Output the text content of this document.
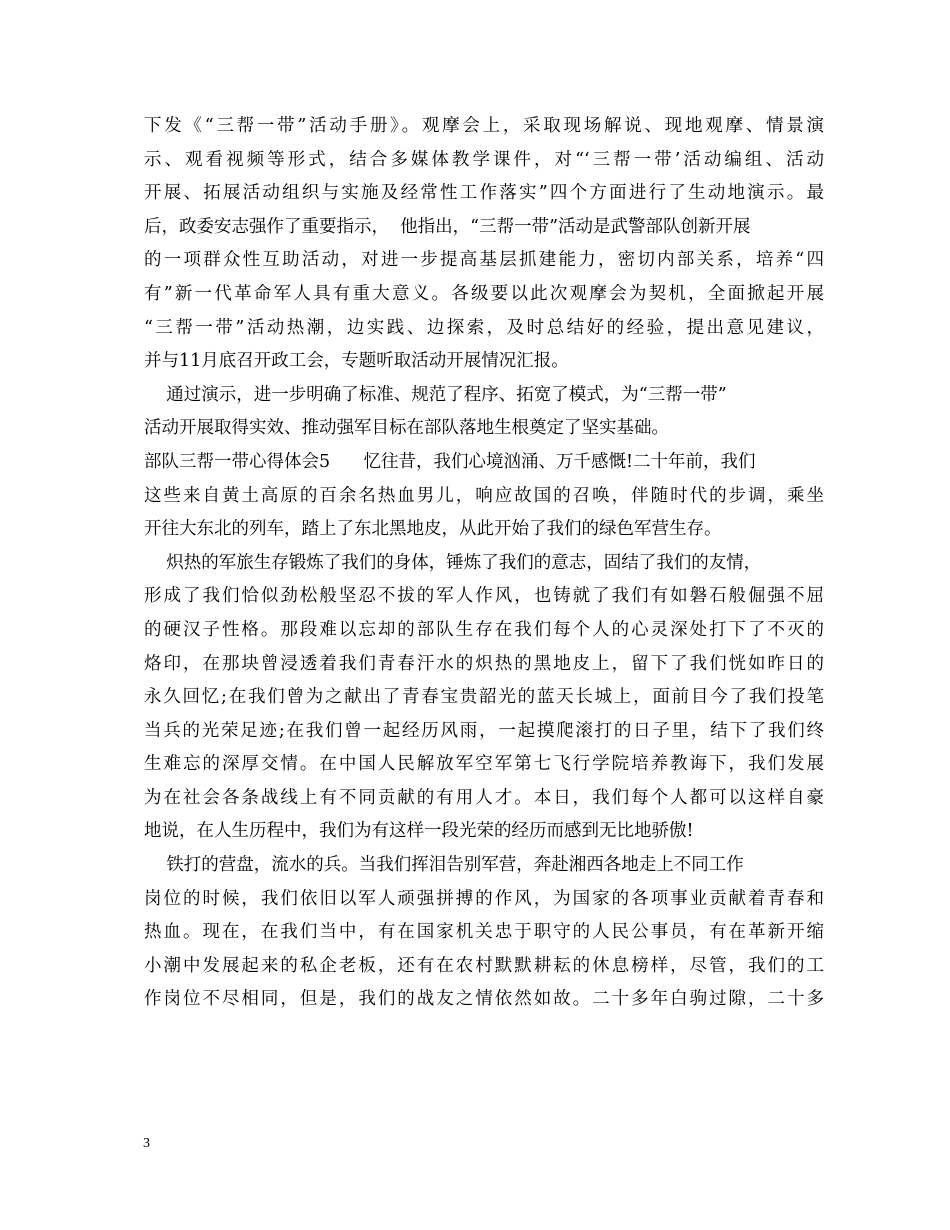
下发《“三帮一带”活动手册》。观摩会上，采取现场解说、现地观摩、情景演
示、观看视频等形式，结合多媒体教学课件，对“‘三帮一带’活动编组、活动
开展、拓展活动组织与实施及经常性工作落实”四个方面进行了生动地演示。最
后，政委安志强作了重要指示，  他指出，“三帮一带”活动是武警部队创新开展
的一项群众性互助活动，对进一步提高基层抓建能力，密切内部关系，培养“四
有”新一代革命军人具有重大意义。各级要以此次观摩会为契机，全面掀起开展
“三帮一带”活动热潮，边实践、边探索，及时总结好的经验，提出意见建议，
并与11月底召开政工会，专题听取活动开展情况汇报。
通过演示，进一步明确了标准、规范了程序、拓宽了模式，为“三帮一带”
活动开展取得实效、推动强军目标在部队落地生根奠定了坚实基础。
部队三帮一带心得体会5      忆往昔，我们心境汹涌、万千感慨!二十年前，我们
这些来自黄土高原的百余名热血男儿，响应故国的召唤，伴随时代的步调，乘坐
开往大东北的列车，踏上了东北黑地皮，从此开始了我们的绿色军营生存。
炽热的军旅生存锻炼了我们的身体，锤炼了我们的意志，固结了我们的友情，
形成了我们恰似劲松般坚忍不拔的军人作风，也铸就了我们有如磐石般倔强不屈
的硬汉子性格。那段难以忘却的部队生存在我们每个人的心灵深处打下了不灭的
烙印，在那块曾浸透着我们青春汗水的炽热的黑地皮上，留下了我们恍如昨日的
永久回忆;在我们曾为之献出了青春宝贵韶光的蓝天长城上，面前目今了我们投笔
当兵的光荣足迹;在我们曾一起经历风雨，一起摸爬滚打的日子里，结下了我们终
生难忘的深厚交情。在中国人民解放军空军第七飞行学院培养教诲下，我们发展
为在社会各条战线上有不同贡献的有用人才。本日，我们每个人都可以这样自豪
地说，在人生历程中，我们为有这样一段光荣的经历而感到无比地骄傲!
铁打的营盘，流水的兵。当我们挥泪告别军营，奔赴湘西各地走上不同工作
岗位的时候，我们依旧以军人顽强拼搏的作风，为国家的各项事业贡献着青春和
热血。现在，在我们当中，有在国家机关忠于职守的人民公事员，有在革新开缩
小潮中发展起来的私企老板，还有在农村默默耕耘的休息榜样，尽管，我们的工
作岗位不尽相同，但是，我们的战友之情依然如故。二十多年白驹过隙，二十多
3
